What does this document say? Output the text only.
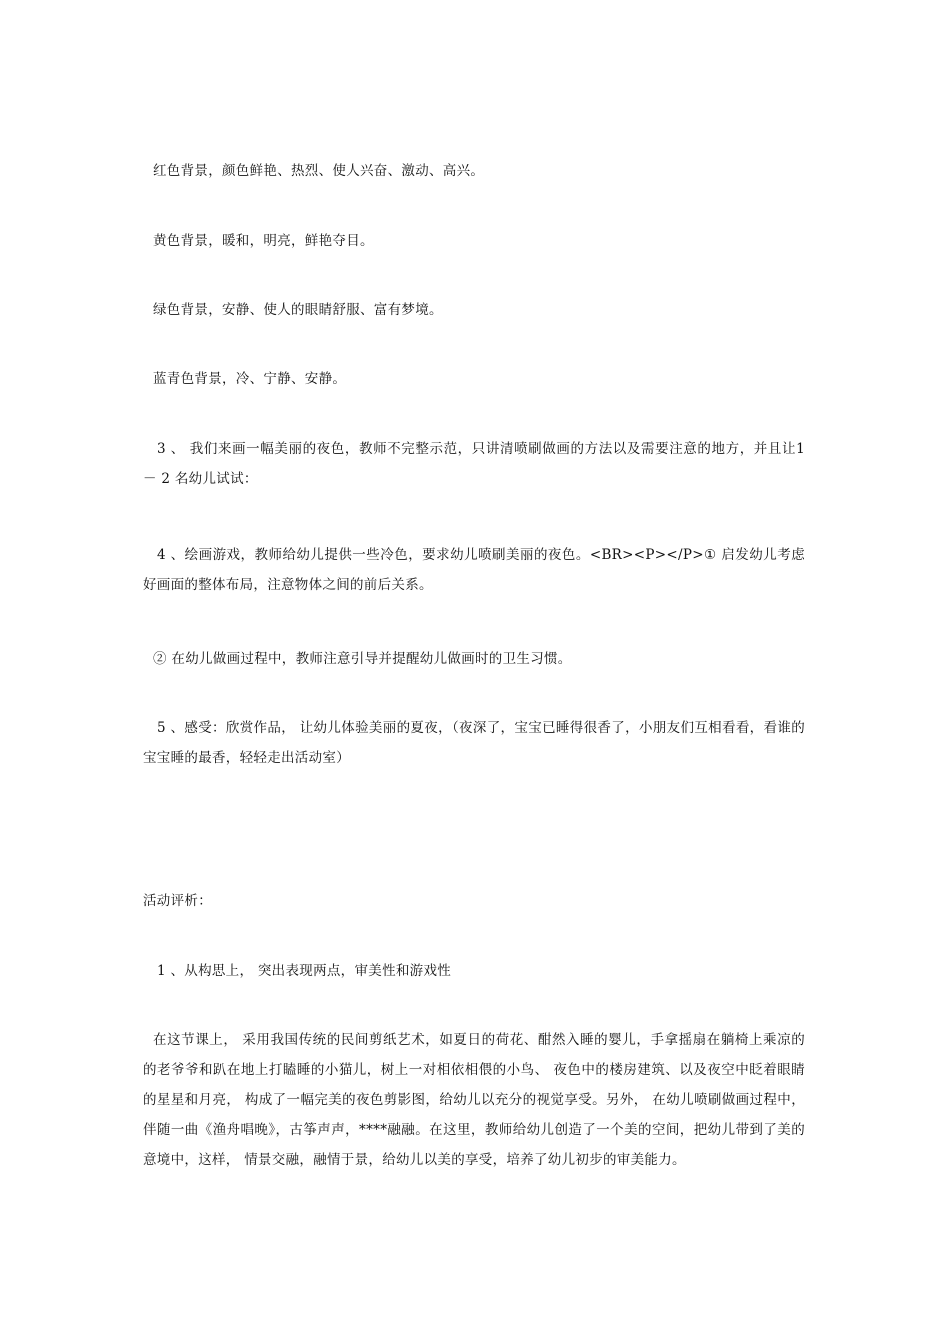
红色背景，颜色鲜艳、热烈、使人兴奋、激动、高兴。

黄色背景，暖和，明亮，鲜艳夺目。

绿色背景，安静、使人的眼睛舒服、富有梦境。

蓝青色背景，冷、宁静、安静。

3 、 我们来画一幅美丽的夜色，教师不完整示范，只讲清喷刷做画的方法以及需要注意的地方，并且让1 － 2 名幼儿试试：

4 、绘画游戏，教师给幼儿提供一些冷色，要求幼儿喷刷美丽的夜色。<BR><P></P>① 启发幼儿考虑好画面的整体布局，注意物体之间的前后关系。

② 在幼儿做画过程中，教师注意引导并提醒幼儿做画时的卫生习惯。

5 、感受：欣赏作品， 让幼儿体验美丽的夏夜，（夜深了，宝宝已睡得很香了，小朋友们互相看看，看谁的宝宝睡的最香，轻轻走出活动室）

活动评析：

1 、从构思上， 突出表现两点，审美性和游戏性

在这节课上， 采用我国传统的民间剪纸艺术，如夏日的荷花、酣然入睡的婴儿，手拿摇扇在躺椅上乘凉的的老爷爷和趴在地上打瞌睡的小猫儿，树上一对相依相偎的小鸟、 夜色中的楼房建筑、以及夜空中眨着眼睛的星星和月亮， 构成了一幅完美的夜色剪影图，给幼儿以充分的视觉享受。另外， 在幼儿喷刷做画过程中，伴随一曲《渔舟唱晚》，古筝声声，****融融。在这里，教师给幼儿创造了一个美的空间，把幼儿带到了美的意境中，这样， 情景交融，融情于景，给幼儿以美的享受，培养了幼儿初步的审美能力。
